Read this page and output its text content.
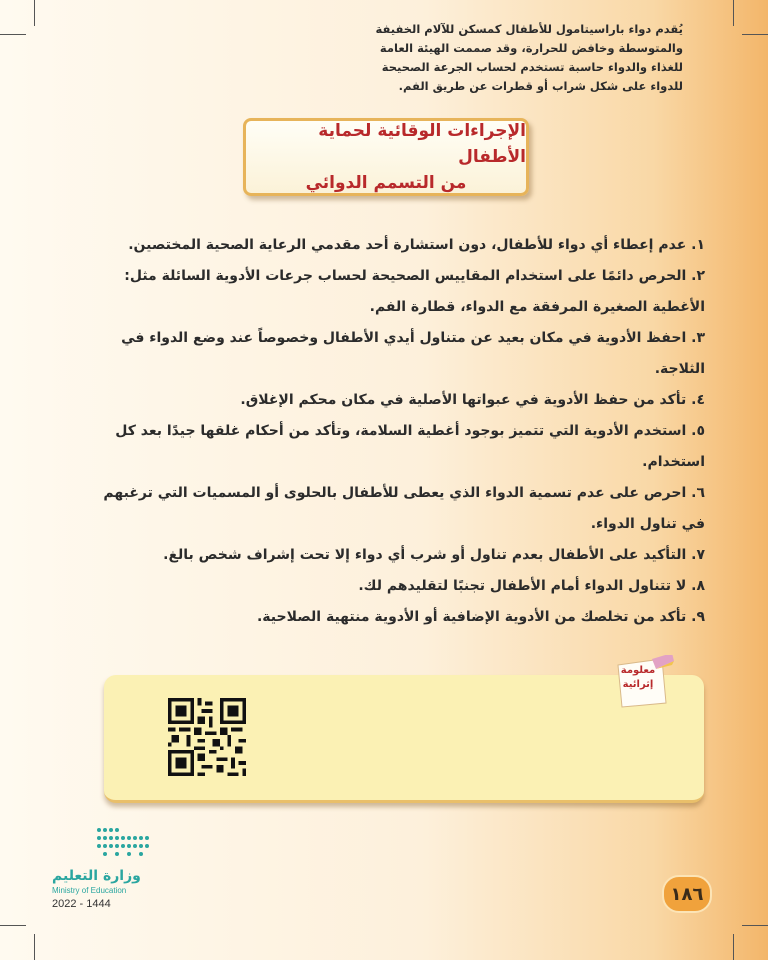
الإجراءات الوقائية لحماية الأطفال
من التسمم الدوائي
١. عدم إعطاء أي دواء للأطفال، دون استشارة أحد مقدمي الرعاية الصحية المختصين.
٢. الحرص دائمًا على استخدام المقاييس الصحيحة لحساب جرعات الأدوية السائلة مثل: الأغطية الصغيرة المرفقة مع الدواء، قطارة الفم.
٣. احفظ الأدوية في مكان بعيد عن متناول أيدي الأطفال وخصوصاً عند وضع الدواء في الثلاجة.
٤. تأكد من حفظ الأدوية في عبواتها الأصلية في مكان محكم الإغلاق.
٥. استخدم الأدوية التي تتميز بوجود أغطية السلامة، وتأكد من أحكام غلقها جيدًا بعد كل استخدام.
٦. احرص على عدم تسمية الدواء الذي يعطى للأطفال بالحلوى أو المسميات التي ترغبهم في تناول الدواء.
٧. التأكيد على الأطفال بعدم تناول أو شرب أي دواء إلا تحت إشراف شخص بالغ.
٨. لا تتناول الدواء أمام الأطفال تجنبًا لتقليدهم لك.
٩. تأكد من تخلصك من الأدوية الإضافية أو الأدوية منتهية الصلاحية.
يُقدم دواء باراسيتامول للأطفال كمسكن للآلام الخفيفة والمتوسطة وخافض للحرارة، وقد صممت الهيئة العامة للغذاء والدواء حاسبة تستخدم لحساب الجرعة الصحيحة للدواء على شكل شراب أو قطرات عن طريق الفم.
معلومة
إثرائية
وزارة التعليم
Ministry of Education
2022 - 1444	١٨٦
